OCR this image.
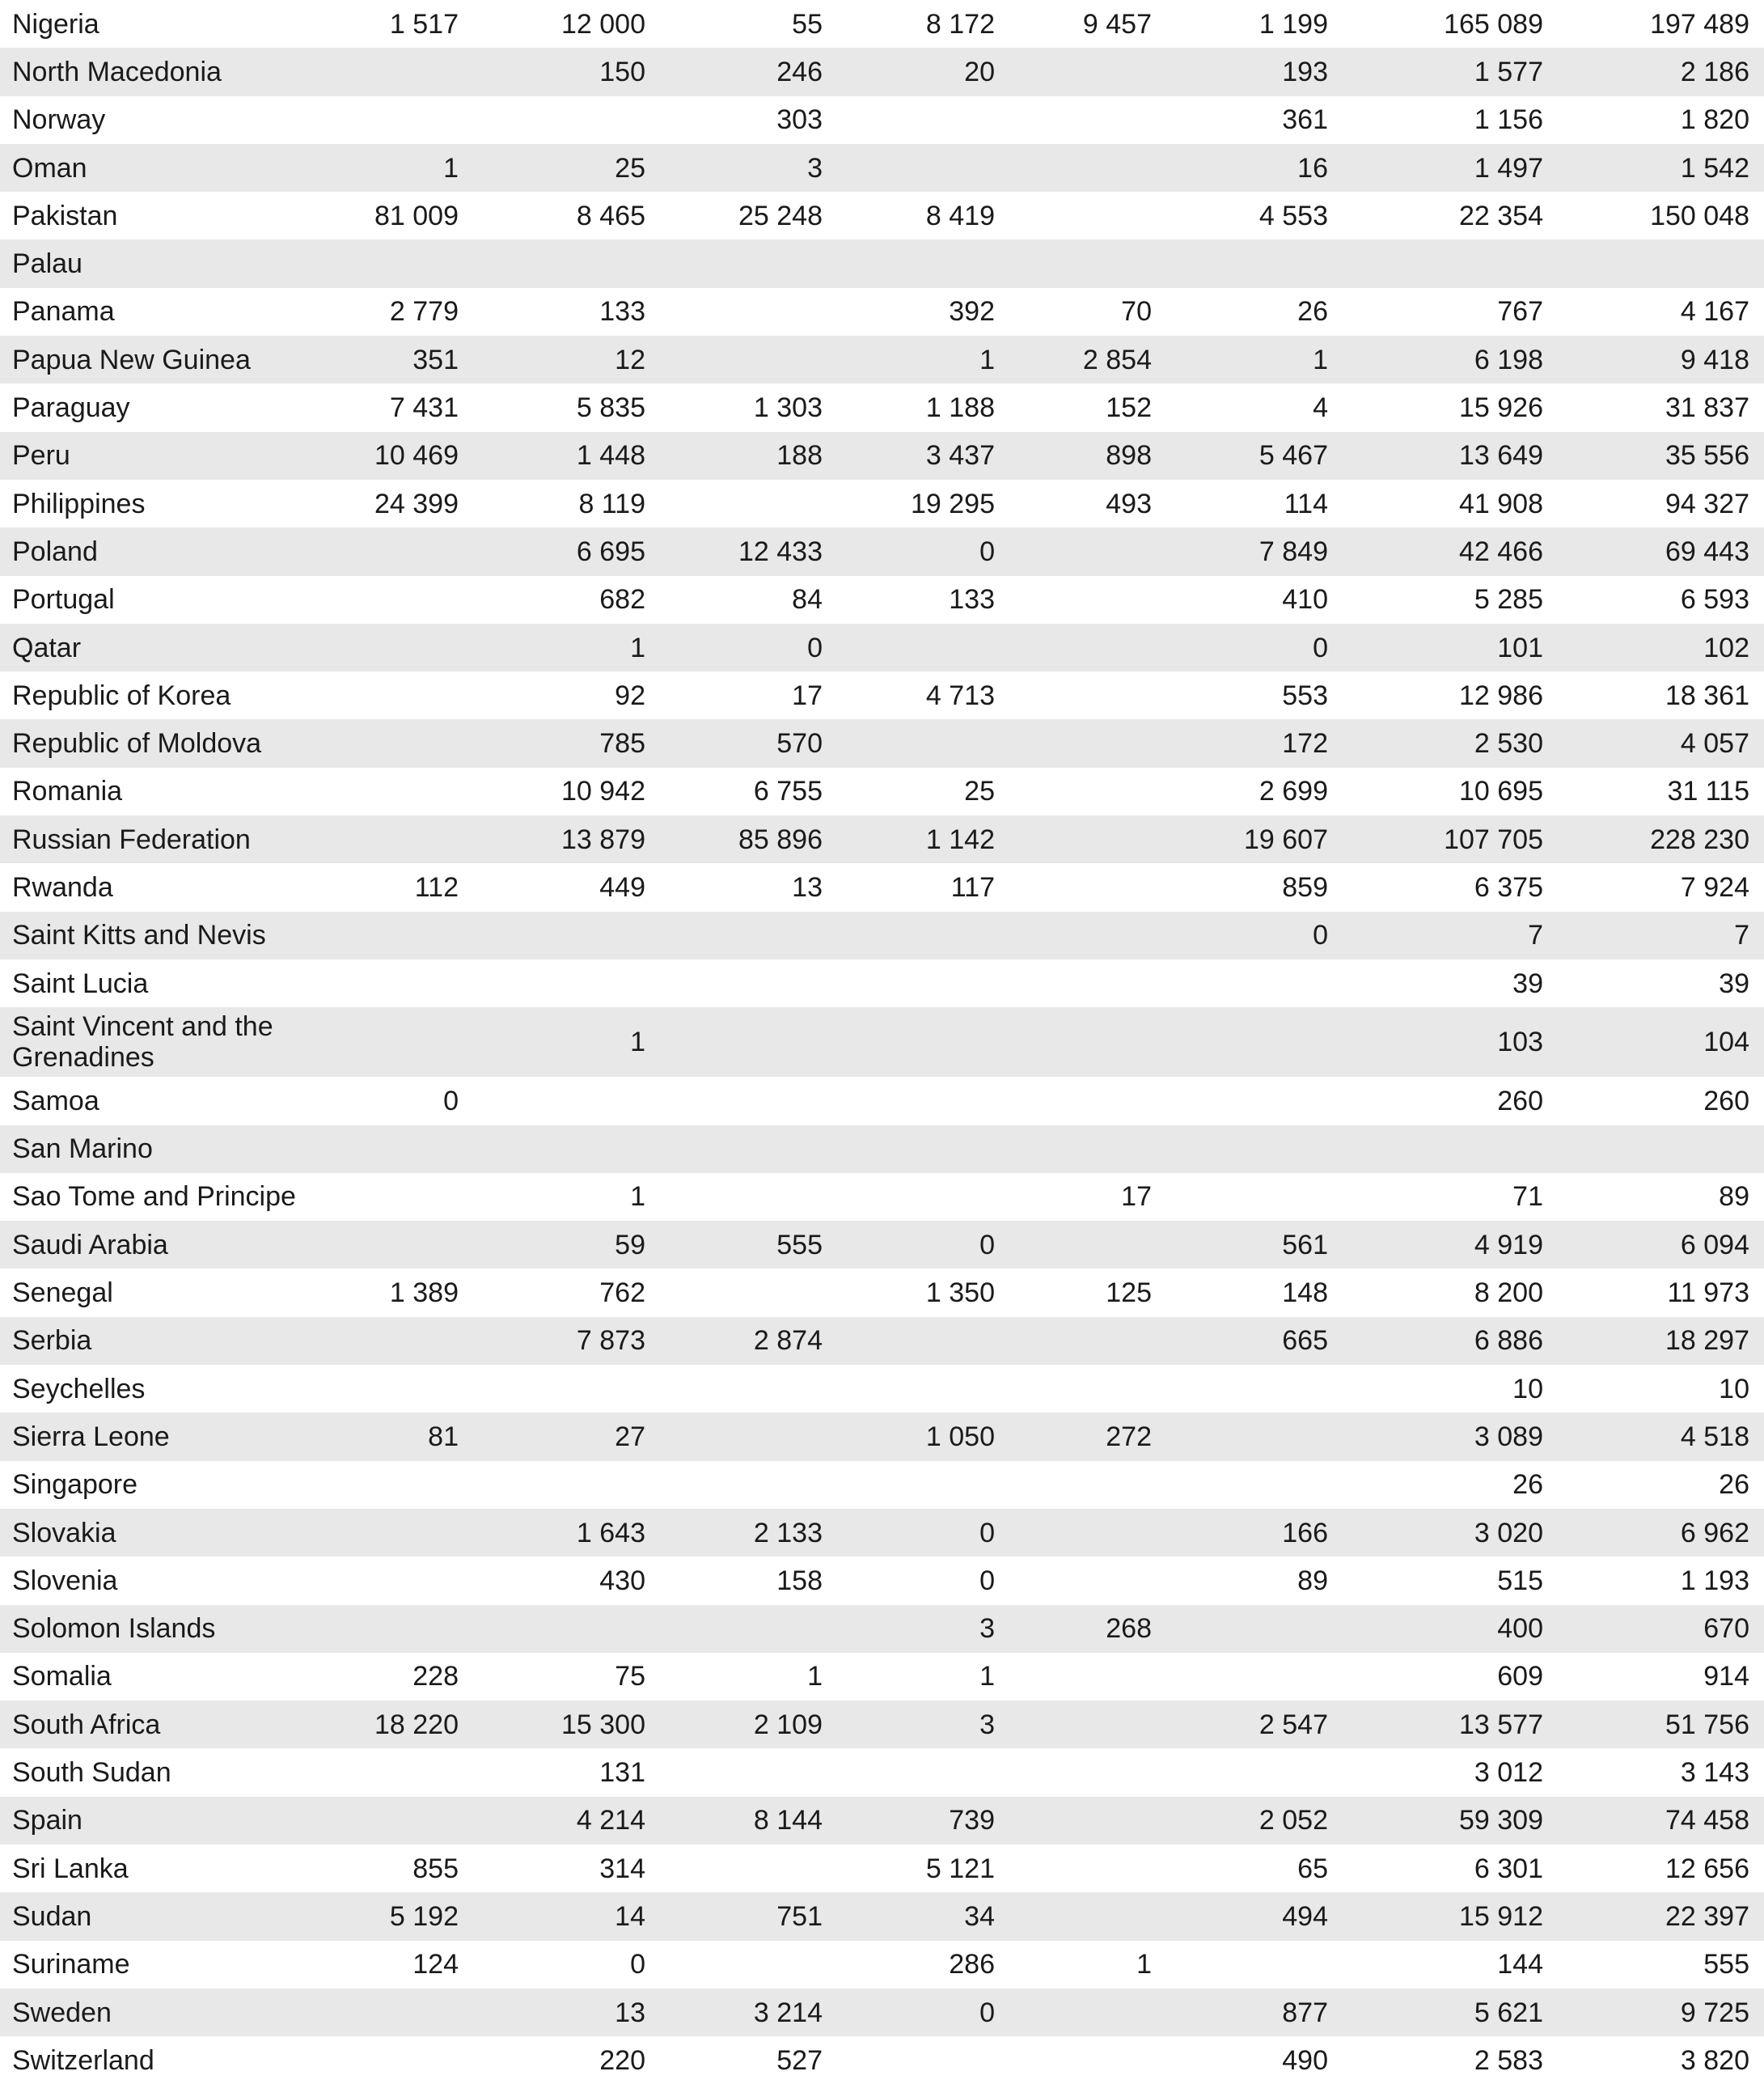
Nigeria	1 517	12 000	55	8 172	9 457	1 199	165 089	197 489
North Macedonia		150	246	20		193	1 577	2 186
Norway			303			361	1 156	1 820
Oman	1	25	3			16	1 497	1 542
Pakistan	81 009	8 465	25 248	8 419		4 553	22 354	150 048
Palau								
Panama	2 779	133		392	70	26	767	4 167
Papua New Guinea	351	12		1	2 854	1	6 198	9 418
Paraguay	7 431	5 835	1 303	1 188	152	4	15 926	31 837
Peru	10 469	1 448	188	3 437	898	5 467	13 649	35 556
Philippines	24 399	8 119		19 295	493	114	41 908	94 327
Poland		6 695	12 433	0		7 849	42 466	69 443
Portugal		682	84	133		410	5 285	6 593
Qatar		1	0			0	101	102
Republic of Korea		92	17	4 713		553	12 986	18 361
Republic of Moldova		785	570			172	2 530	4 057
Romania		10 942	6 755	25		2 699	10 695	31 115
Russian Federation		13 879	85 896	1 142		19 607	107 705	228 230
Rwanda	112	449	13	117		859	6 375	7 924
Saint Kitts and Nevis						0	7	7
Saint Lucia							39	39
Saint Vincent and the Grenadines		1					103	104
Samoa	0						260	260
San Marino								
Sao Tome and Principe		1			17		71	89
Saudi Arabia		59	555	0		561	4 919	6 094
Senegal	1 389	762		1 350	125	148	8 200	11 973
Serbia		7 873	2 874			665	6 886	18 297
Seychelles							10	10
Sierra Leone	81	27		1 050	272		3 089	4 518
Singapore							26	26
Slovakia		1 643	2 133	0		166	3 020	6 962
Slovenia		430	158	0		89	515	1 193
Solomon Islands				3	268		400	670
Somalia	228	75	1	1			609	914
South Africa	18 220	15 300	2 109	3		2 547	13 577	51 756
South Sudan		131					3 012	3 143
Spain		4 214	8 144	739		2 052	59 309	74 458
Sri Lanka	855	314		5 121		65	6 301	12 656
Sudan	5 192	14	751	34		494	15 912	22 397
Suriname	124	0		286	1		144	555
Sweden		13	3 214	0		877	5 621	9 725
Switzerland		220	527			490	2 583	3 820
